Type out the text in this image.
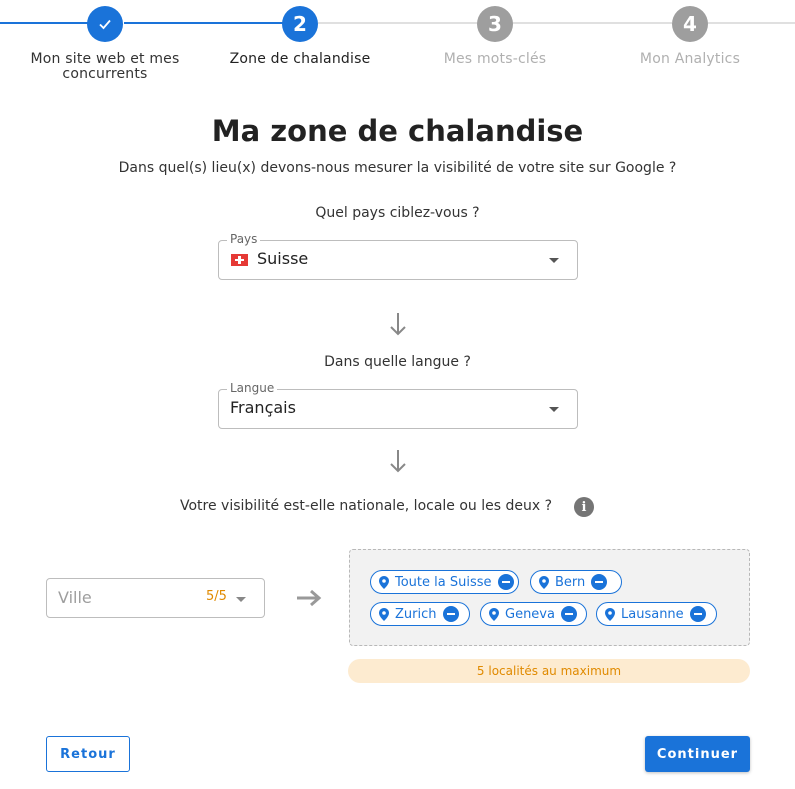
2	3	4
Mon site web et mes concurrents
Zone de chalandise	Mes mots-clés	Mon Analytics
Ma zone de chalandise
Dans quel(s) lieu(x) devons-nous mesurer la visibilité de votre site sur Google ?
Quel pays ciblez-vous ?
Pays
Suisse
Dans quelle langue ?
Langue
Français
Votre visibilité est-elle nationale, locale ou les deux ?	i
Ville	5/5
Toute la Suisse	Bern
Zurich	Geneva	Lausanne
5 localités au maximum
Retour	Continuer
